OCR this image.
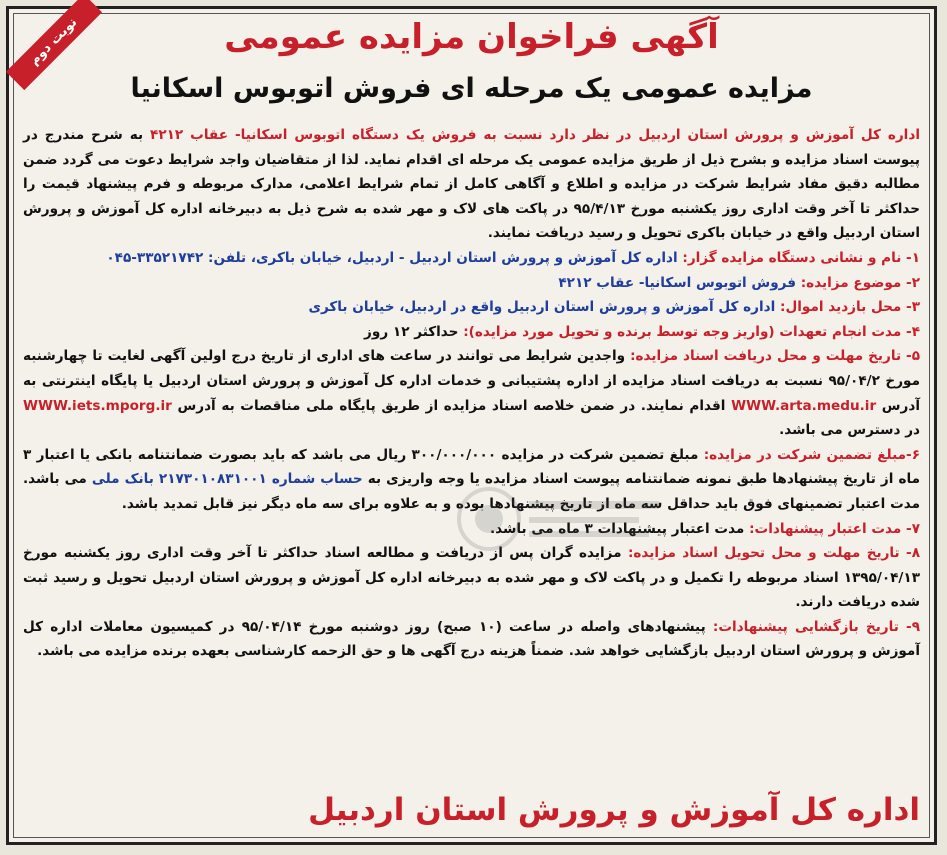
نوبت دوم	آگهی فراخوان مزایده عمومی
مزایده عمومی یک مرحله ای فروش اتوبوس اسکانیا

اداره کل آموزش و پرورش استان اردبیل در نظر دارد نسبت به فروش یک دستگاه اتوبوس اسکانیا- عقاب ۴۲۱۲ به شرح مندرج در پیوست اسناد مزایده و بشرح ذیل از طریق مزایده عمومی یک مرحله ای اقدام نماید. لذا از متقاضیان واجد شرایط دعوت می گردد ضمن مطالبه دقیق مفاد شرایط شرکت در مزایده و اطلاع و آگاهی کامل از تمام شرایط اعلامی، مدارک مربوطه و فرم پیشنهاد قیمت را حداکثر تا آخر وقت اداری روز یکشنبه مورخ ۹۵/۴/۱۳ در پاکت های لاک و مهر شده به شرح ذیل به دبیرخانه اداره کل آموزش و پرورش استان اردبیل واقع در خیابان باکری تحویل و رسید دریافت نمایند.

۱- نام و نشانی دستگاه مزایده گزار: اداره کل آموزش و پرورش استان اردبیل - اردبیل، خیابان باکری، تلفن: ۳۳۵۲۱۷۴۲-۰۴۵

۲- موضوع مزایده: فروش اتوبوس اسکانیا- عقاب ۴۲۱۲

۳- محل بازدید اموال: اداره کل آموزش و پرورش استان اردبیل واقع در اردبیل، خیابان باکری

۴- مدت انجام تعهدات (واریز وجه توسط برنده و تحویل مورد مزایده): حداکثر ۱۲ روز

۵- تاریخ مهلت و محل دریافت اسناد مزایده: واجدین شرایط می توانند در ساعت های اداری از تاریخ درج اولین آگهی لغایت تا چهارشنبه مورخ ۹۵/۰۴/۲ نسبت به دریافت اسناد مزایده از اداره پشتیبانی و خدمات اداره کل آموزش و پرورش استان اردبیل یا پایگاه اینترنتی به آدرس WWW.arta.medu.ir اقدام نمایند. در ضمن خلاصه اسناد مزایده از طریق پایگاه ملی مناقصات به آدرس WWW.iets.mporg.ir در دسترس می باشد.

۶-مبلغ تضمین شرکت در مزایده: مبلغ تضمین شرکت در مزایده ۳۰۰/۰۰۰/۰۰۰ ریال می باشد که باید بصورت ضمانتنامه بانکی یا اعتبار ۳ ماه از تاریخ پیشنهادها طبق نمونه ضمانتنامه پیوست اسناد مزایده یا وجه واریزی به حساب شماره ۲۱۷۳۰۱۰۸۳۱۰۰۱ بانک ملی می باشد. مدت اعتبار تضمینهای فوق باید حداقل سه ماه از تاریخ پیشنهادها بوده و به علاوه برای سه ماه دیگر نیز قابل تمدید باشد.

۷- مدت اعتبار پیشنهادات: مدت اعتبار پیشنهادات ۳ ماه می باشد.

۸- تاریخ مهلت و محل تحویل اسناد مزایده: مزایده گران پس از دریافت و مطالعه اسناد حداکثر تا آخر وقت اداری روز یکشنبه مورخ ۱۳۹۵/۰۴/۱۳ اسناد مربوطه را تکمیل و در پاکت لاک و مهر شده به دبیرخانه اداره کل آموزش و پرورش استان اردبیل تحویل و رسید ثبت شده دریافت دارند.

۹- تاریخ بازگشایی پیشنهادات: پیشنهادهای واصله در ساعت (۱۰ صبح) روز دوشنبه مورخ ۹۵/۰۴/۱۴ در کمیسیون معاملات اداره کل آموزش و پرورش استان اردبیل بازگشایی خواهد شد. ضمناً هزینه درج آگهی ها و حق الزحمه کارشناسی بعهده برنده مزایده می باشد.

اداره کل آموزش و پرورش استان اردبیل
